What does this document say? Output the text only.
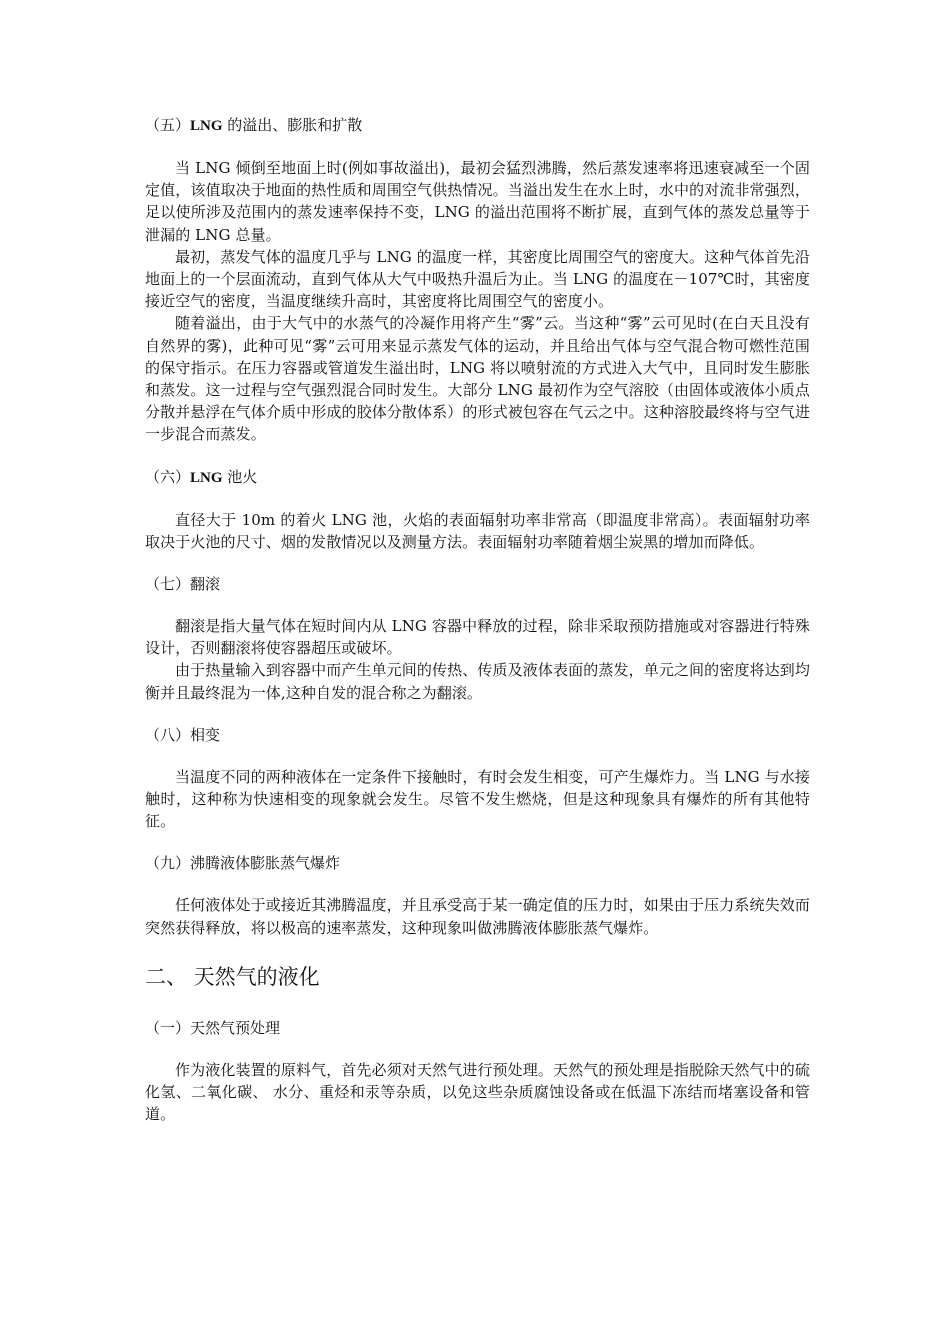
（五）LNG 的溢出、膨胀和扩散

当 LNG 倾倒至地面上时(例如事故溢出)，最初会猛烈沸腾，然后蒸发速率将迅速衰减至一个固定值，该值取决于地面的热性质和周围空气供热情况。当溢出发生在水上时，水中的对流非常强烈，足以使所涉及范围内的蒸发速率保持不变，LNG 的溢出范围将不断扩展，直到气体的蒸发总量等于泄漏的 LNG 总量。

最初，蒸发气体的温度几乎与 LNG 的温度一样，其密度比周围空气的密度大。这种气体首先沿地面上的一个层面流动，直到气体从大气中吸热升温后为止。当 LNG 的温度在－107℃时，其密度接近空气的密度，当温度继续升高时，其密度将比周围空气的密度小。

随着溢出，由于大气中的水蒸气的冷凝作用将产生“雾”云。当这种“雾”云可见时(在白天且没有自然界的雾)，此种可见“雾”云可用来显示蒸发气体的运动，并且给出气体与空气混合物可燃性范围的保守指示。在压力容器或管道发生溢出时，LNG 将以喷射流的方式进入大气中，且同时发生膨胀和蒸发。这一过程与空气强烈混合同时发生。大部分 LNG 最初作为空气溶胶（由固体或液体小质点分散并悬浮在气体介质中形成的胶体分散体系）的形式被包容在气云之中。这种溶胶最终将与空气进一步混合而蒸发。

（六）LNG 池火

直径大于 10m 的着火 LNG 池，火焰的表面辐射功率非常高（即温度非常高）。表面辐射功率取决于火池的尺寸、烟的发散情况以及测量方法。表面辐射功率随着烟尘炭黑的增加而降低。

（七）翻滚

翻滚是指大量气体在短时间内从 LNG 容器中释放的过程，除非采取预防措施或对容器进行特殊设计，否则翻滚将使容器超压或破坏。

由于热量输入到容器中而产生单元间的传热、传质及液体表面的蒸发，单元之间的密度将达到均衡并且最终混为一体,这种自发的混合称之为翻滚。

（八）相变

当温度不同的两种液体在一定条件下接触时，有时会发生相变，可产生爆炸力。当 LNG 与水接触时，这种称为快速相变的现象就会发生。尽管不发生燃烧，但是这种现象具有爆炸的所有其他特征。

（九）沸腾液体膨胀蒸气爆炸

任何液体处于或接近其沸腾温度，并且承受高于某一确定值的压力时，如果由于压力系统失效而突然获得释放，将以极高的速率蒸发，这种现象叫做沸腾液体膨胀蒸气爆炸。

二、 天然气的液化

（一）天然气预处理

作为液化装置的原料气，首先必须对天然气进行预处理。天然气的预处理是指脱除天然气中的硫化氢、二氧化碳、 水分、重烃和汞等杂质，以免这些杂质腐蚀设备或在低温下冻结而堵塞设备和管道。
